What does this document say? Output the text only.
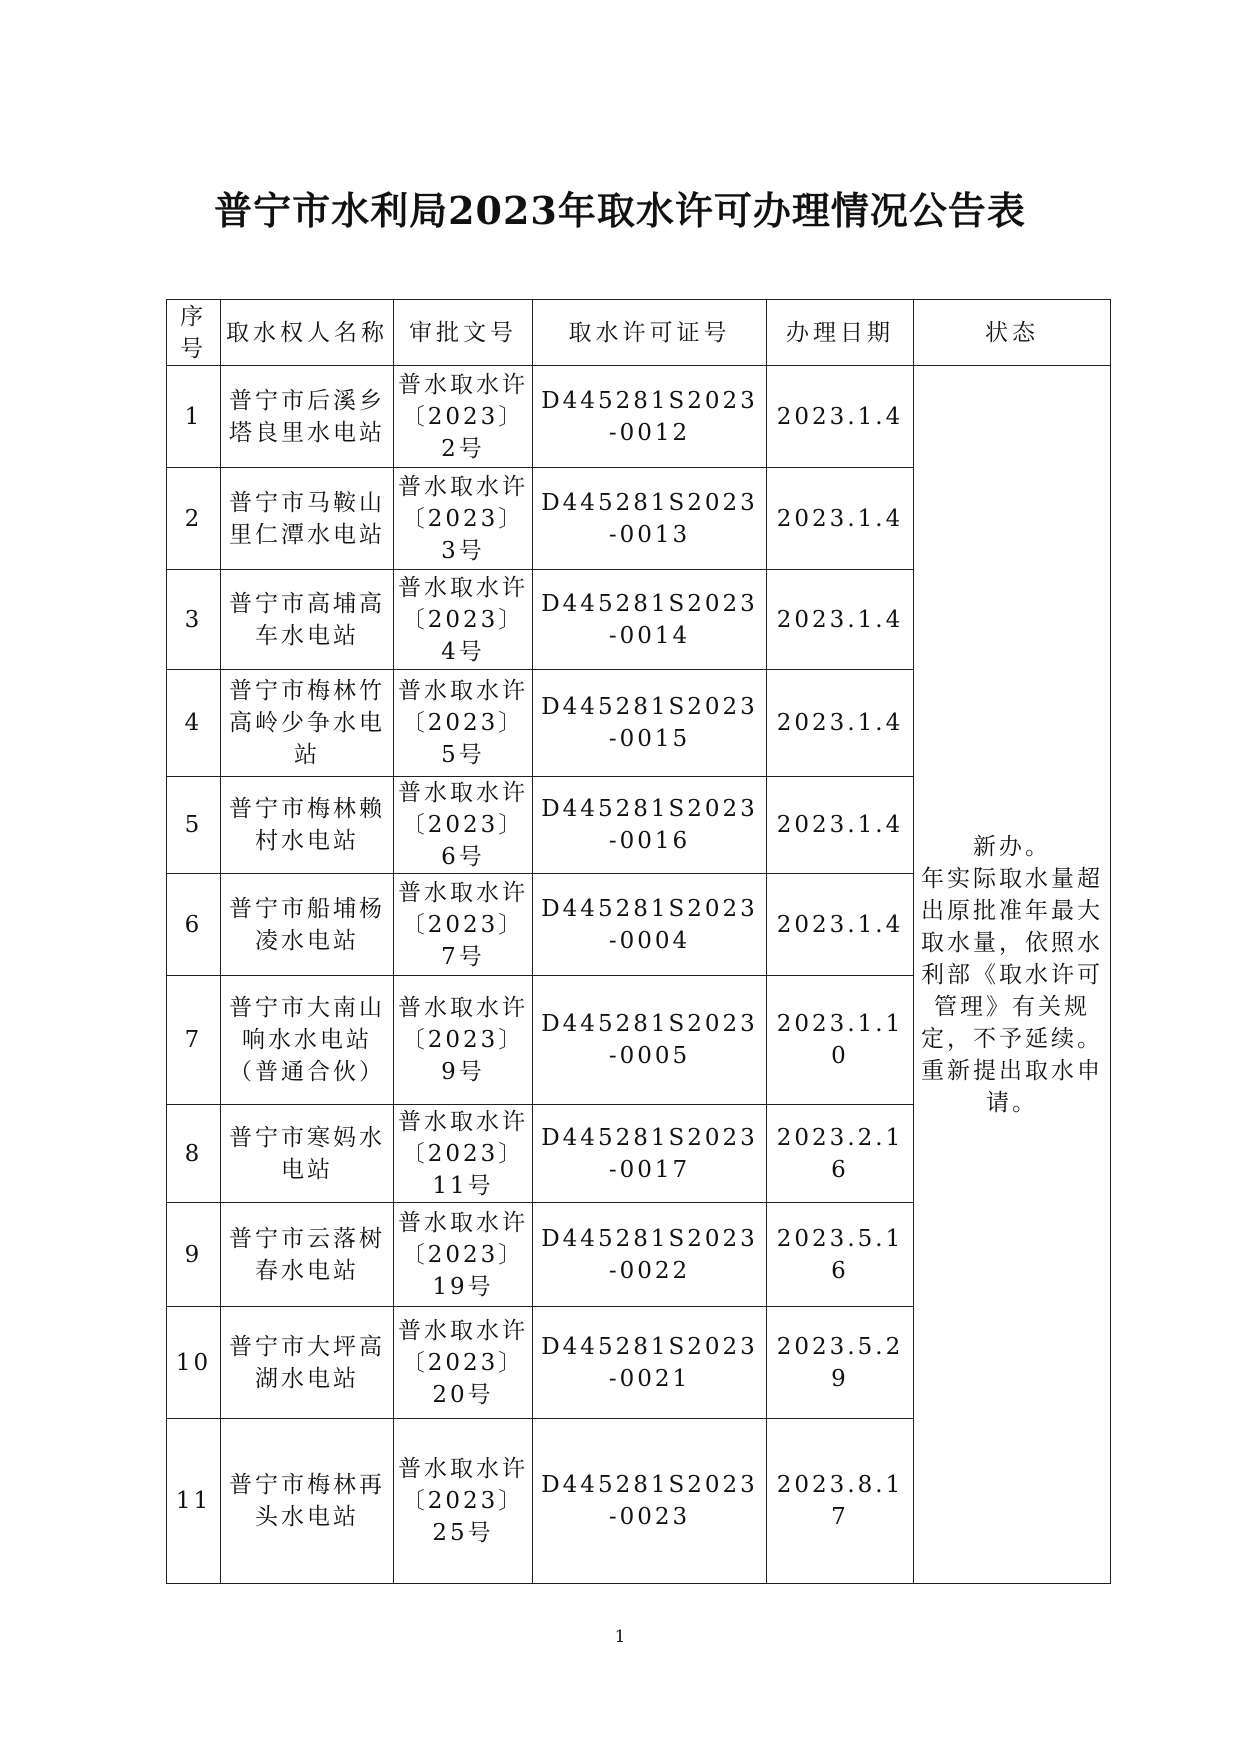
普宁市水利局2023年取水许可办理情况公告表
序
号	取水权人名称	审批文号	取水许可证号	办理日期	状态
1	普宁市后溪乡塔良里水电站	普水取水许〔2023〕2号	D445281S2023-0012	2023.1.4	新办。
年实际取水量超出原批准年最大取水量，依照水利部《取水许可管理》有关规定，不予延续。重新提出取水申请。

2	普宁市马鞍山里仁潭水电站	普水取水许〔2023〕3号	D445281S2023-0013	2023.1.4	
3	普宁市高埔高车水电站	普水取水许〔2023〕4号	D445281S2023-0014	2023.1.4	
4	普宁市梅林竹高岭少争水电站	普水取水许〔2023〕5号	D445281S2023-0015	2023.1.4	
5	普宁市梅林赖村水电站	普水取水许〔2023〕6号	D445281S2023-0016	2023.1.4	
6	普宁市船埔杨凌水电站	普水取水许〔2023〕7号	D445281S2023-0004	2023.1.4	
7	普宁市大南山响水水电站（普通合伙）	普水取水许〔2023〕9号	D445281S2023-0005	2023.1.10	
8	普宁市寒妈水电站	普水取水许〔2023〕11号	D445281S2023-0017	2023.2.16	
9	普宁市云落树春水电站	普水取水许〔2023〕19号	D445281S2023-0022	2023.5.16	
10	普宁市大坪高湖水电站	普水取水许〔2023〕20号	D445281S2023-0021	2023.5.29	
11	普宁市梅林再头水电站	普水取水许〔2023〕25号	D445281S2023-0023	2023.8.17	
1
